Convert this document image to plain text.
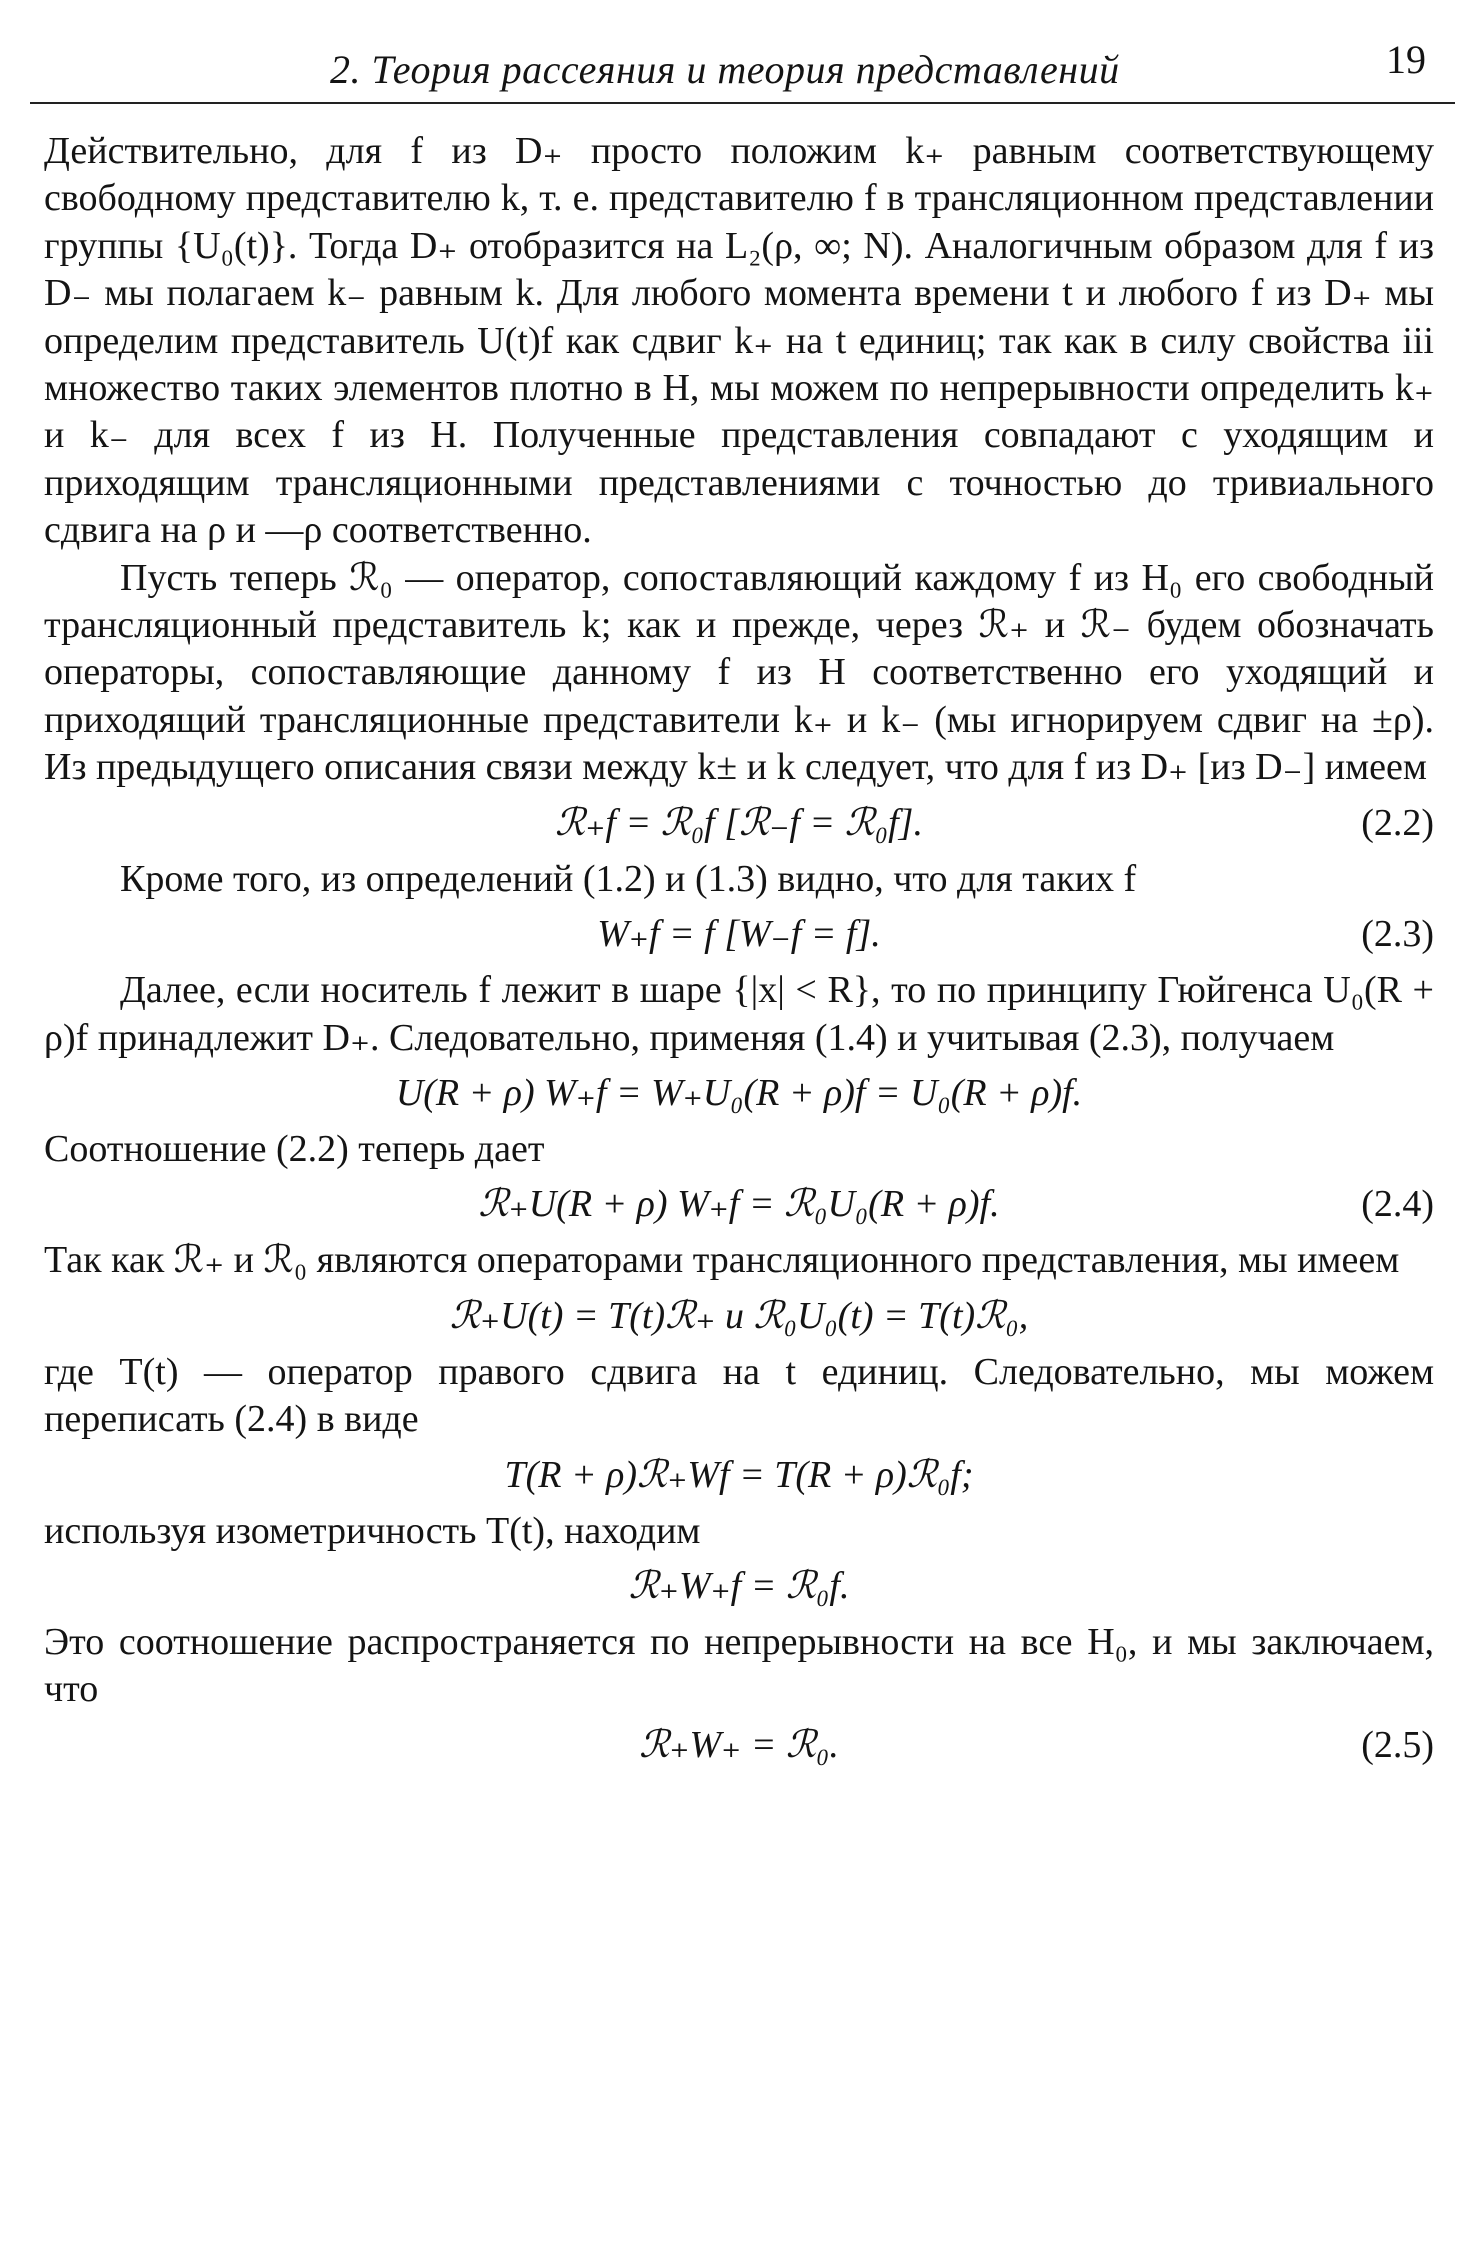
2. Теория рассеяния и теория представлений	19

Действительно, для f из D₊ просто положим k₊ равным соответствующему свободному представителю k, т. е. представителю f в трансляционном представлении группы {U₀(t)}. Тогда D₊ отобразится на L₂(ρ, ∞; N). Аналогичным образом для f из D₋ мы полагаем k₋ равным k. Для любого момента времени t и любого f из D₊ мы определим представитель U(t)f как сдвиг k₊ на t единиц; так как в силу свойства iii множество таких элементов плотно в H, мы можем по непрерывности определить k₊ и k₋ для всех f из H. Полученные представления совпадают с уходящим и приходящим трансляционными представлениями с точностью до тривиального сдвига на ρ и —ρ соответственно.

Пусть теперь ℛ₀ — оператор, сопоставляющий каждому f из H₀ его свободный трансляционный представитель k; как и прежде, через ℛ₊ и ℛ₋ будем обозначать операторы, сопоставляющие данному f из H соответственно его уходящий и приходящий трансляционные представители k₊ и k₋ (мы игнорируем сдвиг на ±ρ). Из предыдущего описания связи между k± и k следует, что для f из D₊ [из D₋] имеем

ℛ₊f = ℛ₀f [ℛ₋f = ℛ₀f].	(2.2)

Кроме того, из определений (1.2) и (1.3) видно, что для таких f

W₊f = f [W₋f = f].	(2.3)

Далее, если носитель f лежит в шаре {|x| < R}, то по принципу Гюйгенса U₀(R + ρ)f принадлежит D₊. Следовательно, применяя (1.4) и учитывая (2.3), получаем

U(R + ρ) W₊f = W₊U₀(R + ρ)f = U₀(R + ρ)f.

Соотношение (2.2) теперь дает

ℛ₊U(R + ρ) W₊f = ℛ₀U₀(R + ρ)f.	(2.4)

Так как ℛ₊ и ℛ₀ являются операторами трансляционного представления, мы имеем

ℛ₊U(t) = T(t)ℛ₊ и ℛ₀U₀(t) = T(t)ℛ₀,

где T(t) — оператор правого сдвига на t единиц. Следовательно, мы можем переписать (2.4) в виде

T(R + ρ)ℛ₊Wf = T(R + ρ)ℛ₀f;

используя изометричность T(t), находим

ℛ₊W₊f = ℛ₀f.

Это соотношение распространяется по непрерывности на все H₀, и мы заключаем, что

ℛ₊W₊ = ℛ₀.	(2.5)
